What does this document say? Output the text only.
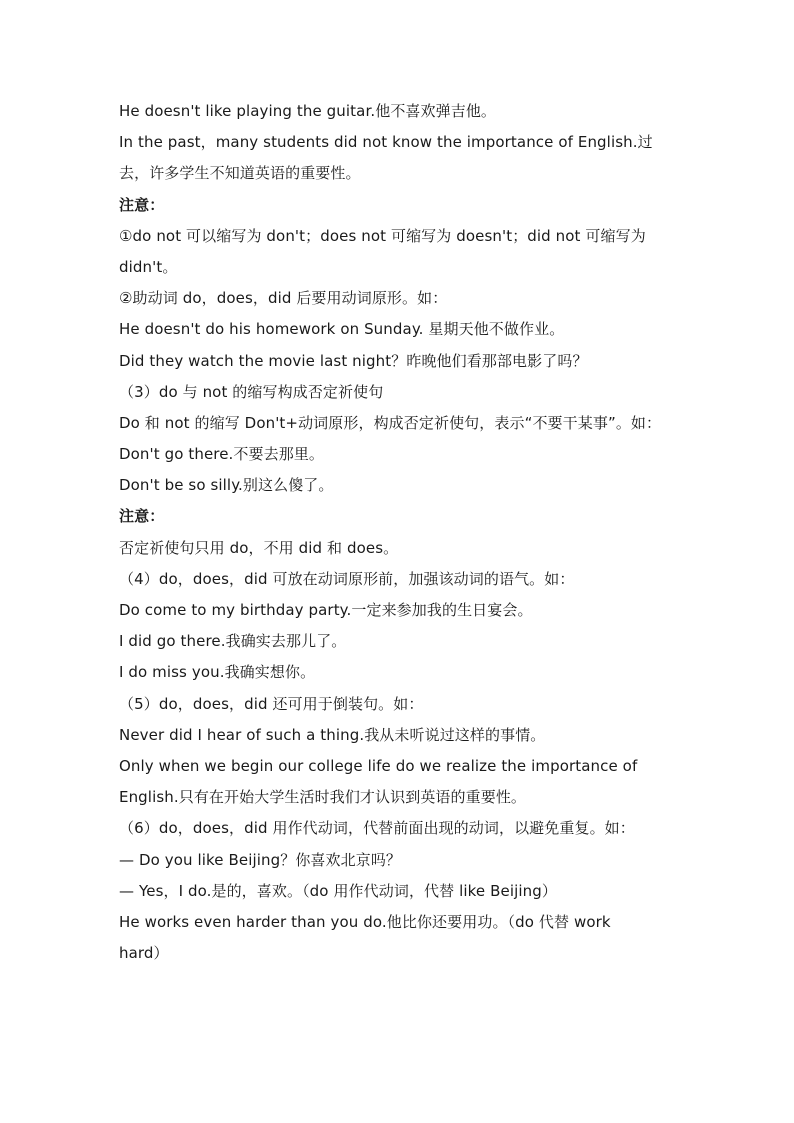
He doesn't like playing the guitar.他不喜欢弹吉他。
In the past，many students did not know the importance of English.过
去，许多学生不知道英语的重要性。
注意：
①do not 可以缩写为 don't；does not 可缩写为 doesn't；did not 可缩写为
didn't。
②助动词 do，does，did 后要用动词原形。如：
He doesn't do his homework on Sunday. 星期天他不做作业。
Did they watch the movie last night？昨晚他们看那部电影了吗？
（3）do 与 not 的缩写构成否定祈使句
Do 和 not 的缩写 Don't+动词原形，构成否定祈使句，表示“不要干某事”。如：
Don't go there.不要去那里。
Don't be so silly.别这么傻了。
注意：
否定祈使句只用 do，不用 did 和 does。
（4）do，does，did 可放在动词原形前，加强该动词的语气。如：
Do come to my birthday party.一定来参加我的生日宴会。
I did go there.我确实去那儿了。
I do miss you.我确实想你。
（5）do，does，did 还可用于倒装句。如：
Never did I hear of such a thing.我从未听说过这样的事情。
Only when we begin our college life do we realize the importance of
English.只有在开始大学生活时我们才认识到英语的重要性。
（6）do，does，did 用作代动词，代替前面出现的动词，以避免重复。如：
— Do you like Beijing？你喜欢北京吗？
— Yes，I do.是的，喜欢。（do 用作代动词，代替 like Beijing）
He works even harder than you do.他比你还要用功。（do 代替 work
hard）
